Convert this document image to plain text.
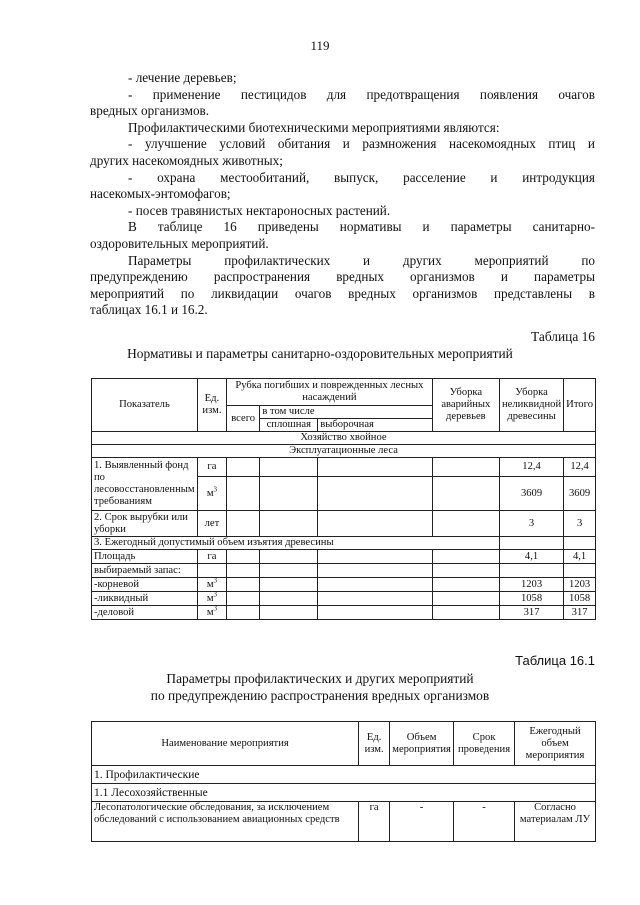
119
- лечение деревьев;
- применение пестицидов для предотвращения появления очагов
вредных организмов.
Профилактическими биотехническими мероприятиями являются:
- улучшение условий обитания и размножения насекомоядных птиц и
других насекомоядных животных;
- охрана местообитаний, выпуск, расселение и интродукция
насекомых-энтомофагов;
- посев травянистых нектароносных растений.
В таблице 16 приведены нормативы и параметры санитарно-
оздоровительных мероприятий.
Параметры профилактических и других мероприятий по
предупреждению распространения вредных организмов и параметры
мероприятий по ликвидации очагов вредных организмов представлены в
таблицах 16.1 и 16.2.
Таблица 16
Нормативы и параметры санитарно-оздоровительных мероприятий
Показатель	Ед. изм.	Рубка погибших и поврежденных лесных насаждений			Уборка аварийных деревьев	Уборка неликвидной древесины	Итого
		всего	в том числе				
			сплошная	выборочная			
Хозяйство хвойное							
Эксплуатационные леса							
1. Выявленный фонд по лесовосстановленным требованиям	га					12,4	12,4
	$м^3$					3609	3609
2. Срок вырубки или уборки	лет					3	3
3. Ежегодный допустимый объем изъятия древесины							
Площадь	га					4,1	4,1
выбираемый запас:							
-корневой	$м^3$					1203	1203
-ликвидный	$м^3$					1058	1058
-деловой	$м^3$					317	317
Таблица 16.1
Параметры профилактических и других мероприятий
по предупреждению распространения вредных организмов
Наименование мероприятия	Ед. изм.	Объем мероприятия	Срок проведения	Ежегодный объем мероприятия
1. Профилактические				
1.1 Лесохозяйственные				
Лесопатологические обследования, за исключением обследований с использованием авиационных средств	га	-	-	Согласно материалам ЛУ
